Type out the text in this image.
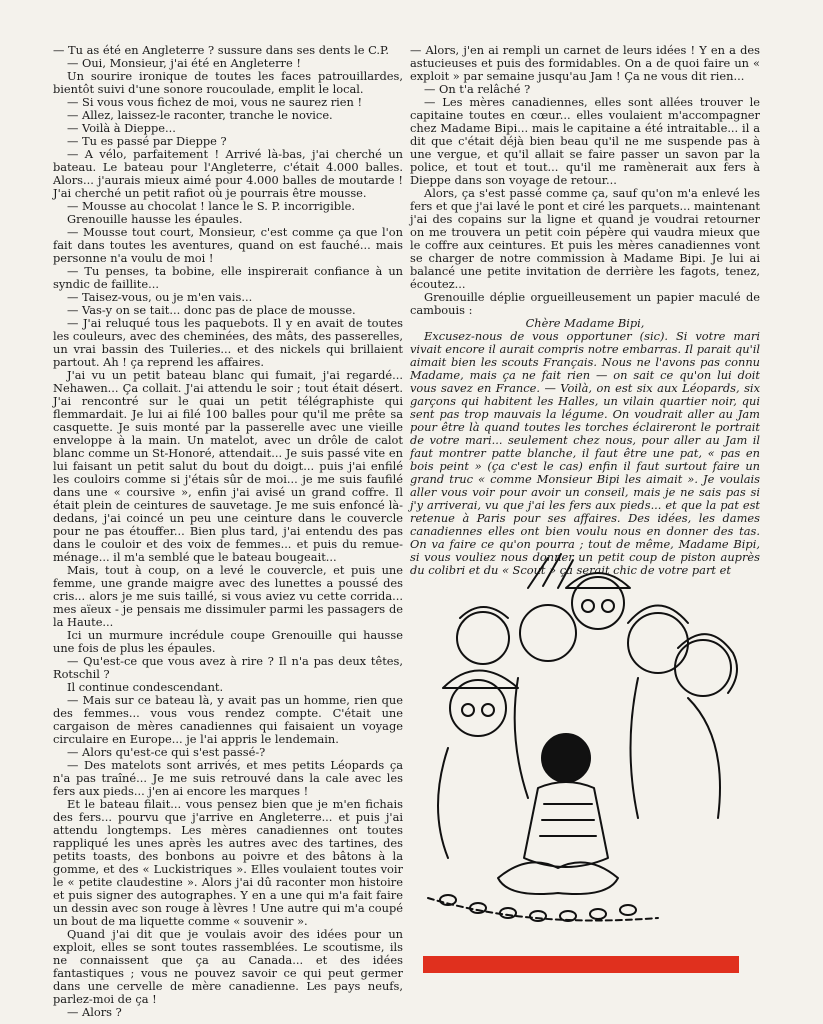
— Tu as été en Angleterre ? sussure dans ses dents le C.P.

— Oui, Monsieur, j'ai été en Angleterre !

Un sourire ironique de toutes les faces patrouillardes, bientôt suivi d'une sonore roucoulade, emplit le local.

— Si vous vous fichez de moi, vous ne saurez rien !

— Allez, laissez-le raconter, tranche le novice.

— Voilà à Dieppe...

— Tu es passé par Dieppe ?

— A vélo, parfaitement ! Arrivé là-bas, j'ai cherché un bateau. Le bateau pour l'Angleterre, c'était 4.000 balles. Alors... j'aurais mieux aimé pour 4.000 balles de moutarde ! J'ai cherché un petit rafiot où je pourrais être mousse.

— Mousse au chocolat ! lance le S. P. incorrigible.

Grenouille hausse les épaules.

— Mousse tout court, Monsieur, c'est comme ça que l'on fait dans toutes les aventures, quand on est fauché... mais personne n'a voulu de moi !

— Tu penses, ta bobine, elle inspirerait confiance à un syndic de faillite...

— Taisez-vous, ou je m'en vais...

— Vas-y on se tait... donc pas de place de mousse.

— J'ai reluqué tous les paquebots. Il y en avait de toutes les couleurs, avec des cheminées, des mâts, des passerelles, un vrai bassin des Tuileries... et des nickels qui brillaient partout. Ah ! ça reprend les affaires.

J'ai vu un petit bateau blanc qui fumait, j'ai regardé... Nehawen... Ça collait. J'ai attendu le soir ; tout était désert. J'ai rencontré sur le quai un petit télégraphiste qui flemmardait. Je lui ai filé 100 balles pour qu'il me prête sa casquette. Je suis monté par la passerelle avec une vieille enveloppe à la main. Un matelot, avec un drôle de calot blanc comme un St-Honoré, attendait... Je suis passé vite en lui faisant un petit salut du bout du doigt... puis j'ai enfilé les couloirs comme si j'étais sûr de moi... je me suis faufilé dans une « coursive », enfin j'ai avisé un grand coffre. Il était plein de ceintures de sauvetage. Je me suis enfoncé là-dedans, j'ai coincé un peu une ceinture dans le couvercle pour ne pas étouffer... Bien plus tard, j'ai entendu des pas dans le couloir et des voix de femmes... et puis du remue-ménage... il m'a semblé que le bateau bougeait...

Mais, tout à coup, on a levé le couvercle, et puis une femme, une grande maigre avec des lunettes a poussé des cris... alors je me suis taillé, si vous aviez vu cette corrida... mes aïeux - je pensais me dissimuler parmi les passagers de la Haute...

Ici un murmure incrédule coupe Grenouille qui hausse une fois de plus les épaules.

— Qu'est-ce que vous avez à rire ? Il n'a pas deux têtes, Rotschil ?

Il continue condescendant.

— Mais sur ce bateau là, y avait pas un homme, rien que des femmes... vous vous rendez compte. C'était une cargaison de mères canadiennes qui faisaient un voyage circulaire en Europe... je l'ai appris le lendemain.

— Alors qu'est-ce qui s'est passé-?

— Des matelots sont arrivés, et mes petits Léopards ça n'a pas traîné... Je me suis retrouvé dans la cale avec les fers aux pieds... j'en ai encore les marques !

Et le bateau filait... vous pensez bien que je m'en fichais des fers... pourvu que j'arrive en Angleterre... et puis j'ai attendu longtemps. Les mères canadiennes ont toutes rappliqué les unes après les autres avec des tartines, des petits toasts, des bonbons au poivre et des bâtons à la gomme, et des « Luckistriques ». Elles voulaient toutes voir le « petite claudestine ». Alors j'ai dû raconter mon histoire et puis signer des autographes. Y en a une qui m'a fait faire un dessin avec son rouge à lèvres ! Une autre qui m'a coupé un bout de ma liquette comme « souvenir ».

Quand j'ai dit que je voulais avoir des idées pour un exploit, elles se sont toutes rassemblées. Le scoutisme, ils ne connaissent que ça au Canada... et des idées fantastiques ; vous ne pouvez savoir ce qui peut germer dans une cervelle de mère canadienne. Les pays neufs, parlez-moi de ça !

— Alors ?

— Alors, j'en ai rempli un carnet de leurs idées ! Y en a des astucieuses et puis des formidables. On a de quoi faire un « exploit » par semaine jusqu'au Jam ! Ça ne vous dit rien...

— On t'a relâché ?

— Les mères canadiennes, elles sont allées trouver le capitaine toutes en cœur... elles voulaient m'accompagner chez Madame Bipi... mais le capitaine a été intraitable... il a dit que c'était déjà bien beau qu'il ne me suspende pas à une vergue, et qu'il allait se faire passer un savon par la police, et tout et tout... qu'il me ramènerait aux fers à Dieppe dans son voyage de retour...

Alors, ça s'est passé comme ça, sauf qu'on m'a enlevé les fers et que j'ai lavé le pont et ciré les parquets... maintenant j'ai des copains sur la ligne et quand je voudrai retourner on me trouvera un petit coin pépère qui vaudra mieux que le coffre aux ceintures. Et puis les mères canadiennes vont se charger de notre commission à Madame Bipi. Je lui ai balancé une petite invitation de derrière les fagots, tenez, écoutez...

Grenouille déplie orgueilleusement un papier maculé de cambouis :

Chère Madame Bipi,

Excusez-nous de vous opportuner (sic). Si votre mari vivait encore il aurait compris notre embarras. Il parait qu'il aimait bien les scouts Français. Nous ne l'avons pas connu Madame, mais ça ne fait rien — on sait ce qu'on lui doit vous savez en France. — Voilà, on est six aux Léopards, six garçons qui habitent les Halles, un vilain quartier noir, qui sent pas trop mauvais la légume. On voudrait aller au Jam pour être là quand toutes les torches éclaireront le portrait de votre mari... seulement chez nous, pour aller au Jam il faut montrer patte blanche, il faut être une pat, « pas en bois peint » (ça c'est le cas) enfin il faut surtout faire un grand truc « comme Monsieur Bipi les aimait ». Je voulais aller vous voir pour avoir un conseil, mais je ne sais pas si j'y arriverai, vu que j'ai les fers aux pieds... et que la pat est retenue à Paris pour ses affaires. Des idées, les dames canadiennes elles ont bien voulu nous en donner des tas. On va faire ce qu'on pourra ; tout de même, Madame Bipi, si vous vouliez nous donner un petit coup de piston auprès du colibri et du « Scout » ça serait chic de votre part et
